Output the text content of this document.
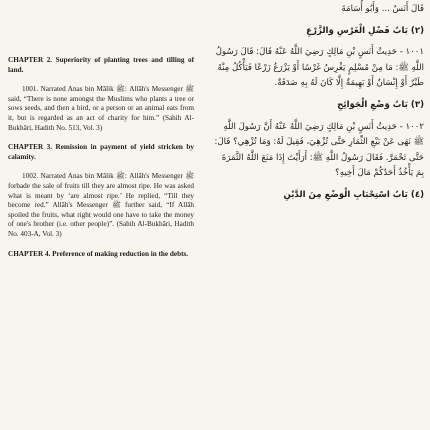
CHAPTER 2. Superiority of planting trees and tilling of land.

1001. Narrated Anas bin Mālik ﷺ: Allāh's Messenger ﷺ said, “There is none amongst the Muslims who plants a tree or sows seeds, and then a bird, or a person or an animal eats from it, but is regarded as an act of charity for him.” (Sahih Al-Bukhāri, Hadith No. 513, Vol. 3)

CHAPTER 3. Remission in payment of yield stricken by calamity.

1002. Narrated Anas bin Mālik ﷺ: Allāh's Messenger ﷺ forbade the sale of fruits till they are almost ripe. He was asked what is meant by ‘are almost ripe.’ He replied, “Till they become red.” Allāh's Messenger ﷺ further said, “If Allāh spoiled the fruits, what right would one have to take the money of one's brother (i.e. other people)”. (Sahih Al-Bukhāri, Hadith No. 403-A, Vol. 3)

CHAPTER 4. Preference of making reduction in the debts.

قَالَ أَنَسٌ ... وَأَبُو أُسَامَةَ

(٢) بَابُ فَضْلِ الْغَرْسِ وَالزَّرْعِ

١٠٠١ - حَدِيثُ أَنَسٍ بْنِ مَالِكٍ رَضِيَ اللَّهُ عَنْهُ قَالَ: قَالَ رَسُولُ اللَّهِ ﷺ: مَا مِنْ مُسْلِمٍ يَغْرِسُ غَرْسًا أَوْ يَزْرَعُ زَرْعًا فَيَأْكُلُ مِنْهُ طَيْرٌ أَوْ إِنْسَانٌ أَوْ بَهِيمَةٌ إِلَّا كَانَ لَهُ بِهِ صَدَقَةٌ.

(٣) بَابُ وَضْعِ الْجَوَائِحِ

١٠٠٢ - حَدِيثُ أَنَسٍ بْنِ مَالِكٍ رَضِيَ اللَّهُ عَنْهُ أَنَّ رَسُولَ اللَّهِ ﷺ نَهَى عَنْ بَيْعِ الثِّمَارِ حَتَّى تُزْهِيَ، فَقِيلَ لَهُ: وَمَا تُزْهِي؟ قَالَ: حَتَّى تَحْمَرَّ. فَقَالَ رَسُولُ اللَّهِ ﷺ: أَرَأَيْتَ إِذَا مَنَعَ اللَّهُ الثَّمَرَةَ بِمَ يَأْخُذُ أَحَدُكُمْ مَالَ أَخِيهِ؟

(٤) بَابُ اسْتِحْبَابِ الْوَضْعِ مِنَ الدَّيْنِ
